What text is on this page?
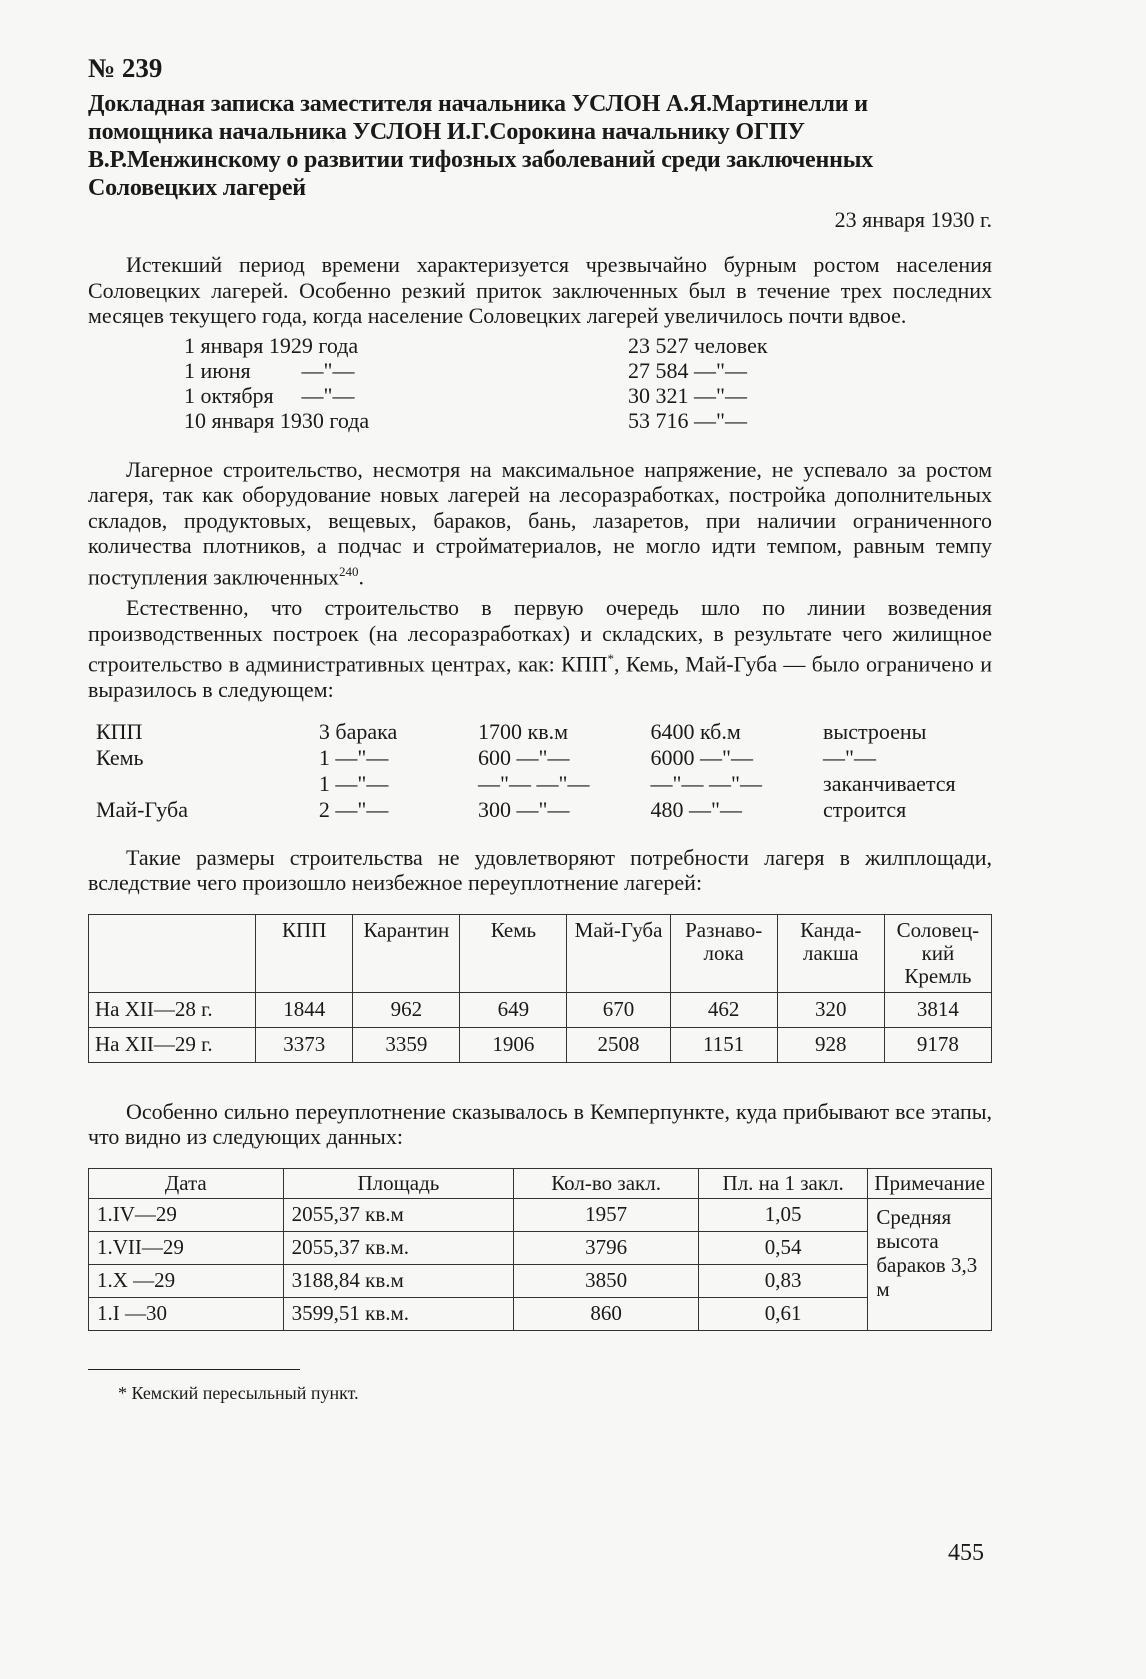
№ 239
Докладная записка заместителя начальника УСЛОН А.Я.Мартинелли и помощника начальника УСЛОН И.Г.Сорокина начальнику ОГПУ В.Р.Менжинскому о развитии тифозных заболеваний среди заключенных Соловецких лагерей
23 января 1930 г.

Истекший период времени характеризуется чрезвычайно бурным ростом населения Соловецких лагерей. Особенно резкий приток заключенных был в течение трех последних месяцев текущего года, когда население Соловецких лагерей увеличилось почти вдвое.

1 января 1929 года	23 527 человек
1 июня —"—	27 584 —"—
1 октября —"—	30 321 —"—
10 января 1930 года	53 716 —"—

Лагерное строительство, несмотря на максимальное напряжение, не успевало за ростом лагеря, так как оборудование новых лагерей на лесоразработках, постройка дополнительных складов, продуктовых, вещевых, бараков, бань, лазаретов, при наличии ограниченного количества плотников, а подчас и стройматериалов, не могло идти темпом, равным темпу поступления заключенных$^{240}$.

Естественно, что строительство в первую очередь шло по линии возведения производственных построек (на лесоразработках) и складских, в результате чего жилищное строительство в административных центрах, как: КПП*, Кемь, Май-Губа — было ограничено и выразилось в следующем:

КПП	3 барака	1700 кв.м	6400 кб.м	выстроены
Кемь	1 —"—	600 —"—	6000 —"—	—"—
	1 —"—	—"— —"—	—"— —"—	заканчивается
Май-Губа	2 —"—	300 —"—	480 —"—	строится

Такие размеры строительства не удовлетворяют потребности лагеря в жилплощади, вследствие чего произошло неизбежное переуплотнение лагерей:

	КПП	Карантин	Кемь	Май-Губа	Разнаво-лока	Канда-лакша	Соловец-кий Кремль
На XII—28 г.	1844	962	649	670	462	320	3814
На XII—29 г.	3373	3359	1906	2508	1151	928	9178

Особенно сильно переуплотнение сказывалось в Кемперпункте, куда прибывают все этапы, что видно из следующих данных:

Дата	Площадь	Кол-во закл.	Пл. на 1 закл.	Примечание
1.IV—29	2055,37 кв.м	1957	1,05	Средняя высота бараков 3,3 м
1.VII—29	2055,37 кв.м.	3796	0,54	
1.X —29	3188,84 кв.м	3850	0,83	
1.I —30	3599,51 кв.м.	860	0,61	
* Кемский пересыльный пункт.
455
